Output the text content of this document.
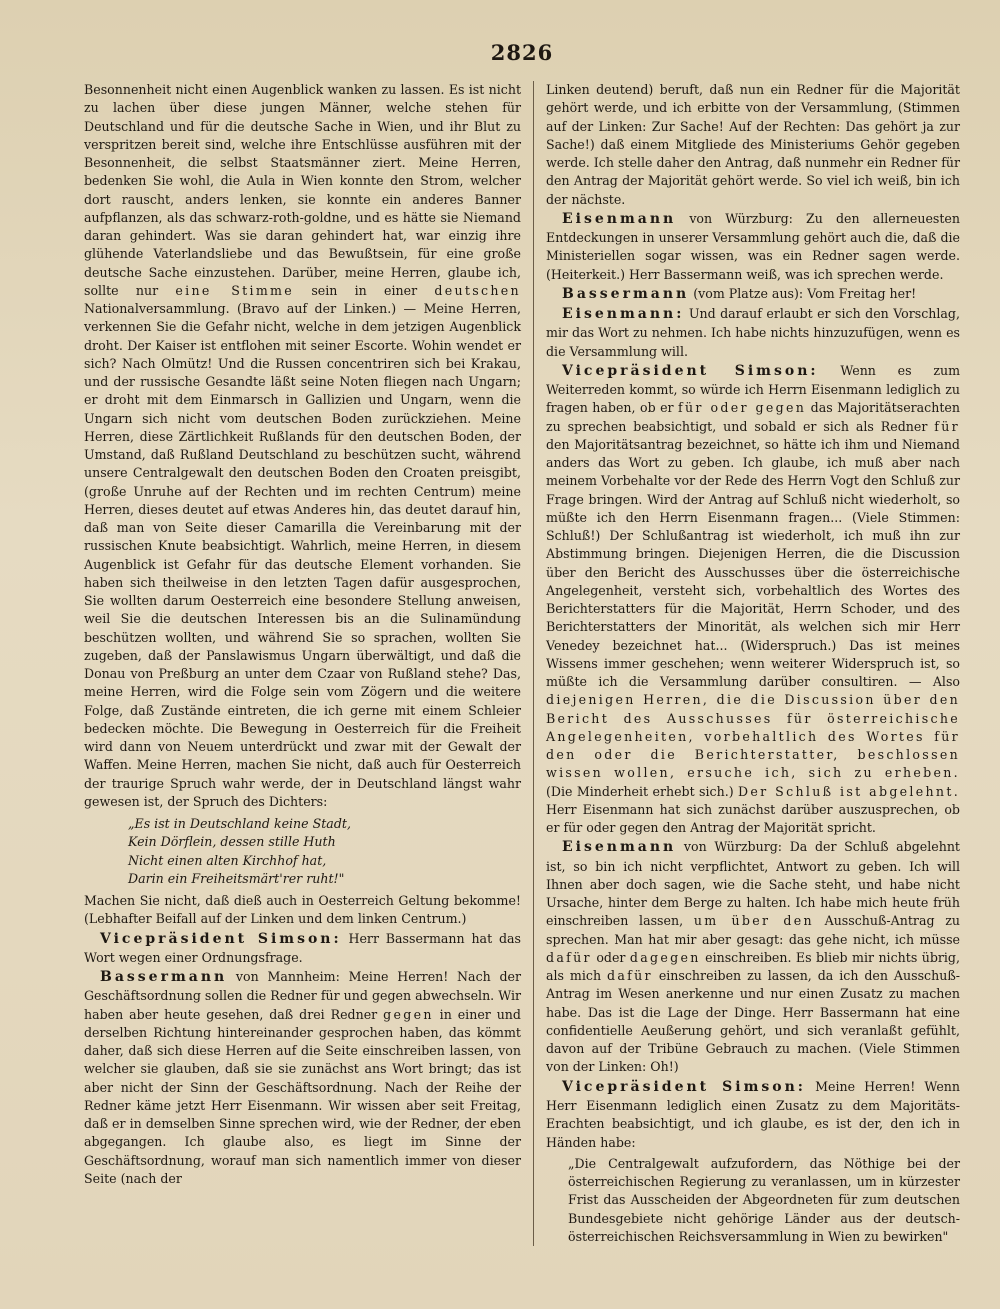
2826

Besonnenheit nicht einen Augenblick wanken zu lassen. Es ist nicht zu lachen über diese jungen Männer, welche stehen für Deutschland und für die deutsche Sache in Wien, und ihr Blut zu verspritzen bereit sind, welche ihre Entschlüsse ausführen mit der Besonnenheit, die selbst Staatsmänner ziert. Meine Herren, bedenken Sie wohl, die Aula in Wien konnte den Strom, welcher dort rauscht, anders lenken, sie konnte ein anderes Banner aufpflanzen, als das schwarz-roth-goldne, und es hätte sie Niemand daran gehindert. Was sie daran gehindert hat, war einzig ihre glühende Vaterlandsliebe und das Bewußtsein, für eine große deutsche Sache einzustehen. Darüber, meine Herren, glaube ich, sollte nur eine Stimme sein in einer deutschen Nationalversammlung. (Bravo auf der Linken.) — Meine Herren, verkennen Sie die Gefahr nicht, welche in dem jetzigen Augenblick droht. Der Kaiser ist entflohen mit seiner Escorte. Wohin wendet er sich? Nach Olmütz! Und die Russen concentriren sich bei Krakau, und der russische Gesandte läßt seine Noten fliegen nach Ungarn; er droht mit dem Einmarsch in Gallizien und Ungarn, wenn die Ungarn sich nicht vom deutschen Boden zurückziehen. Meine Herren, diese Zärtlichkeit Rußlands für den deutschen Boden, der Umstand, daß Rußland Deutschland zu beschützen sucht, während unsere Centralgewalt den deutschen Boden den Croaten preisgibt, (große Unruhe auf der Rechten und im rechten Centrum) meine Herren, dieses deutet auf etwas Anderes hin, das deutet darauf hin, daß man von Seite dieser Camarilla die Vereinbarung mit der russischen Knute beabsichtigt. Wahrlich, meine Herren, in diesem Augenblick ist Gefahr für das deutsche Element vorhanden. Sie haben sich theilweise in den letzten Tagen dafür ausgesprochen, Sie wollten darum Oesterreich eine besondere Stellung anweisen, weil Sie die deutschen Interessen bis an die Sulinamündung beschützen wollten, und während Sie so sprachen, wollten Sie zugeben, daß der Panslawismus Ungarn überwältigt, und daß die Donau von Preßburg an unter dem Czaar von Rußland stehe? Das, meine Herren, wird die Folge sein vom Zögern und die weitere Folge, daß Zustände eintreten, die ich gerne mit einem Schleier bedecken möchte. Die Bewegung in Oesterreich für die Freiheit wird dann von Neuem unterdrückt und zwar mit der Gewalt der Waffen. Meine Herren, machen Sie nicht, daß auch für Oesterreich der traurige Spruch wahr werde, der in Deutschland längst wahr gewesen ist, der Spruch des Dichters:

„Es ist in Deutschland keine Stadt,
Kein Dörflein, dessen stille Huth
Nicht einen alten Kirchhof hat,
Darin ein Freiheitsmärt'rer ruht!"

Machen Sie nicht, daß dieß auch in Oesterreich Geltung bekomme! (Lebhafter Beifall auf der Linken und dem linken Centrum.)

Vicepräsident Simson: Herr Bassermann hat das Wort wegen einer Ordnungsfrage.

Bassermann von Mannheim: Meine Herren! Nach der Geschäftsordnung sollen die Redner für und gegen abwechseln. Wir haben aber heute gesehen, daß drei Redner gegen in einer und derselben Richtung hintereinander gesprochen haben, das kömmt daher, daß sich diese Herren auf die Seite einschreiben lassen, von welcher sie glauben, daß sie sie zunächst ans Wort bringt; das ist aber nicht der Sinn der Geschäftsordnung. Nach der Reihe der Redner käme jetzt Herr Eisenmann. Wir wissen aber seit Freitag, daß er in demselben Sinne sprechen wird, wie der Redner, der eben abgegangen. Ich glaube also, es liegt im Sinne der Geschäftsordnung, worauf man sich namentlich immer von dieser Seite (nach der

Linken deutend) beruft, daß nun ein Redner für die Majorität gehört werde, und ich erbitte von der Versammlung, (Stimmen auf der Linken: Zur Sache! Auf der Rechten: Das gehört ja zur Sache!) daß einem Mitgliede des Ministeriums Gehör gegeben werde. Ich stelle daher den Antrag, daß nunmehr ein Redner für den Antrag der Majorität gehört werde. So viel ich weiß, bin ich der nächste.

Eisenmann von Würzburg: Zu den allerneuesten Entdeckungen in unserer Versammlung gehört auch die, daß die Ministeriellen sogar wissen, was ein Redner sagen werde. (Heiterkeit.) Herr Bassermann weiß, was ich sprechen werde.

Bassermann (vom Platze aus): Vom Freitag her!

Eisenmann: Und darauf erlaubt er sich den Vorschlag, mir das Wort zu nehmen. Ich habe nichts hinzuzufügen, wenn es die Versammlung will.

Vicepräsident Simson: Wenn es zum Weiterreden kommt, so würde ich Herrn Eisenmann lediglich zu fragen haben, ob er für oder gegen das Majoritätserachten zu sprechen beabsichtigt, und sobald er sich als Redner für den Majoritätsantrag bezeichnet, so hätte ich ihm und Niemand anders das Wort zu geben. Ich glaube, ich muß aber nach meinem Vorbehalte vor der Rede des Herrn Vogt den Schluß zur Frage bringen. Wird der Antrag auf Schluß nicht wiederholt, so müßte ich den Herrn Eisenmann fragen... (Viele Stimmen: Schluß!) Der Schlußantrag ist wiederholt, ich muß ihn zur Abstimmung bringen. Diejenigen Herren, die die Discussion über den Bericht des Ausschusses über die österreichische Angelegenheit, versteht sich, vorbehaltlich des Wortes des Berichterstatters für die Majorität, Herrn Schoder, und des Berichterstatters der Minorität, als welchen sich mir Herr Venedey bezeichnet hat... (Widerspruch.) Das ist meines Wissens immer geschehen; wenn weiterer Widerspruch ist, so müßte ich die Versammlung darüber consultiren. — Also diejenigen Herren, die die Discussion über den Bericht des Ausschusses für österreichische Angelegenheiten, vorbehaltlich des Wortes für den oder die Berichterstatter, beschlossen wissen wollen, ersuche ich, sich zu erheben. (Die Minderheit erhebt sich.) Der Schluß ist abgelehnt. Herr Eisenmann hat sich zunächst darüber auszusprechen, ob er für oder gegen den Antrag der Majorität spricht.

Eisenmann von Würzburg: Da der Schluß abgelehnt ist, so bin ich nicht verpflichtet, Antwort zu geben. Ich will Ihnen aber doch sagen, wie die Sache steht, und habe nicht Ursache, hinter dem Berge zu halten. Ich habe mich heute früh einschreiben lassen, um über den Ausschuß-Antrag zu sprechen. Man hat mir aber gesagt: das gehe nicht, ich müsse dafür oder dagegen einschreiben. Es blieb mir nichts übrig, als mich dafür einschreiben zu lassen, da ich den Ausschuß-Antrag im Wesen anerkenne und nur einen Zusatz zu machen habe. Das ist die Lage der Dinge. Herr Bassermann hat eine confidentielle Aeußerung gehört, und sich veranlaßt gefühlt, davon auf der Tribüne Gebrauch zu machen. (Viele Stimmen von der Linken: Oh!)

Vicepräsident Simson: Meine Herren! Wenn Herr Eisenmann lediglich einen Zusatz zu dem Majoritäts-Erachten beabsichtigt, und ich glaube, es ist der, den ich in Händen habe:

„Die Centralgewalt aufzufordern, das Nöthige bei der österreichischen Regierung zu veranlassen, um in kürzester Frist das Ausscheiden der Abgeordneten für zum deutschen Bundesgebiete nicht gehörige Länder aus der deutsch-österreichischen Reichsversammlung in Wien zu bewirken"
